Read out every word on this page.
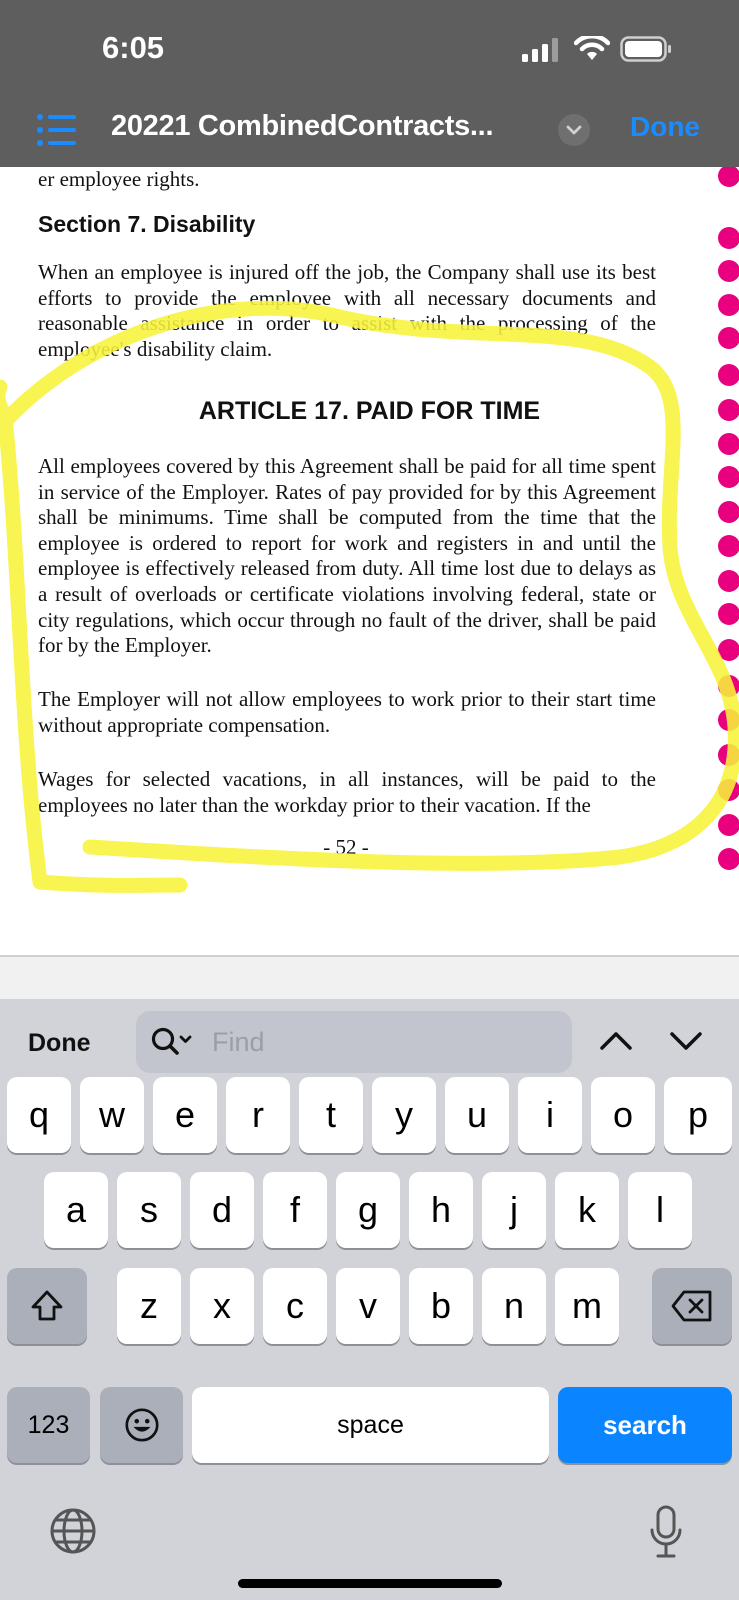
6:05
20221 CombinedContracts...	Done
er employee rights.
Section 7. Disability
When an employee is injured off the job, the Company shall use its best efforts to provide the employee with all necessary documents and reasonable assistance in order to assist with the processing of the employee's disability claim.
ARTICLE 17. PAID FOR TIME
All employees covered by this Agreement shall be paid for all time spent in service of the Employer. Rates of pay provided for by this Agreement shall be minimums. Time shall be computed from the time that the employee is ordered to report for work and registers in and until the employee is effectively released from duty. All time lost due to delays as a result of overloads or certificate violations involving federal, state or city regulations, which occur through no fault of the driver, shall be paid for by the Employer.
The Employer will not allow employees to work prior to their start time without appropriate compensation.
Wages for selected vacations, in all instances, will be paid to the employees no later than the workday prior to their vacation. If the
- 52 -
Done
Find
q	w	e	r	t	y	u	i	o	p
a	s	d	f	g	h	j	k	l
z	x	c	v	b	n	m
123	space	search
